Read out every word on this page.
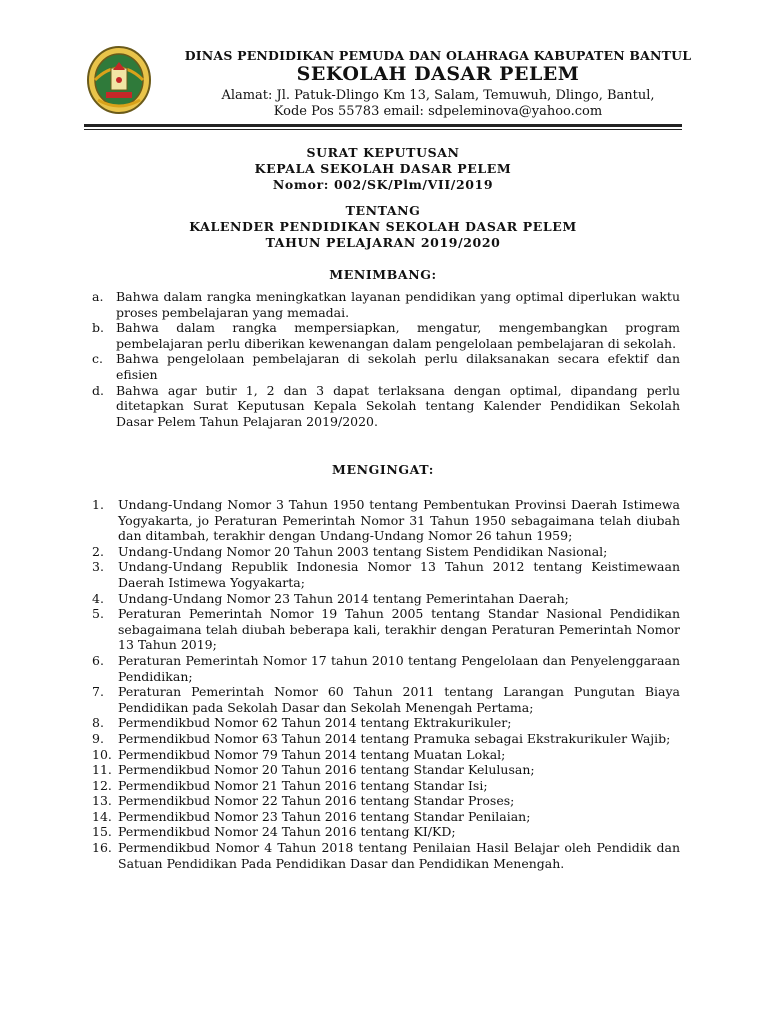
DINAS PENDIDIKAN PEMUDA DAN OLAHRAGA KABUPATEN BANTUL
SEKOLAH DASAR PELEM
Alamat: Jl. Patuk-Dlingo Km 13, Salam, Temuwuh, Dlingo, Bantul,
Kode Pos 55783 email: sdpeleminova@yahoo.com
SURAT KEPUTUSAN
KEPALA SEKOLAH DASAR PELEM
Nomor: 002/SK/Plm/VII/2019
TENTANG
KALENDER PENDIDIKAN SEKOLAH DASAR PELEM
TAHUN PELAJARAN 2019/2020
MENIMBANG:
a. Bahwa dalam rangka meningkatkan layanan pendidikan yang optimal diperlukan waktu proses pembelajaran yang memadai.
b. Bahwa dalam rangka mempersiapkan, mengatur, mengembangkan program pembelajaran perlu diberikan kewenangan dalam pengelolaan pembelajaran di sekolah.
c. Bahwa pengelolaan pembelajaran di sekolah perlu dilaksanakan secara efektif dan efisien
d. Bahwa agar butir 1, 2 dan 3 dapat terlaksana dengan optimal, dipandang perlu ditetapkan Surat Keputusan Kepala Sekolah tentang Kalender Pendidikan Sekolah Dasar Pelem Tahun Pelajaran 2019/2020.
MENGINGAT:
1. Undang-Undang Nomor 3 Tahun 1950 tentang Pembentukan Provinsi Daerah Istimewa Yogyakarta, jo Peraturan Pemerintah Nomor 31 Tahun 1950 sebagaimana telah diubah dan ditambah, terakhir dengan Undang-Undang Nomor 26 tahun 1959;
2. Undang-Undang Nomor 20 Tahun 2003 tentang Sistem Pendidikan Nasional;
3. Undang-Undang Republik Indonesia Nomor 13 Tahun 2012 tentang Keistimewaan Daerah Istimewa Yogyakarta;
4. Undang-Undang Nomor 23 Tahun 2014 tentang Pemerintahan Daerah;
5. Peraturan Pemerintah Nomor 19 Tahun 2005 tentang Standar Nasional Pendidikan sebagaimana telah diubah beberapa kali, terakhir dengan Peraturan Pemerintah Nomor 13 Tahun 2019;
6. Peraturan Pemerintah Nomor 17 tahun 2010 tentang Pengelolaan dan Penyelenggaraan Pendidikan;
7. Peraturan Pemerintah Nomor 60 Tahun 2011 tentang Larangan Pungutan Biaya Pendidikan pada Sekolah Dasar dan Sekolah Menengah Pertama;
8. Permendikbud Nomor 62 Tahun 2014 tentang Ektrakurikuler;
9. Permendikbud Nomor 63 Tahun 2014 tentang Pramuka sebagai Ekstrakurikuler Wajib;
10. Permendikbud Nomor 79 Tahun 2014 tentang Muatan Lokal;
11. Permendikbud Nomor 20 Tahun 2016 tentang Standar Kelulusan;
12. Permendikbud Nomor 21 Tahun 2016 tentang Standar Isi;
13. Permendikbud Nomor 22 Tahun 2016 tentang Standar Proses;
14. Permendikbud Nomor 23 Tahun 2016 tentang Standar Penilaian;
15. Permendikbud Nomor 24 Tahun 2016 tentang KI/KD;
16. Permendikbud Nomor 4 Tahun 2018 tentang Penilaian Hasil Belajar oleh Pendidik dan Satuan Pendidikan Pada Pendidikan Dasar dan Pendidikan Menengah.
